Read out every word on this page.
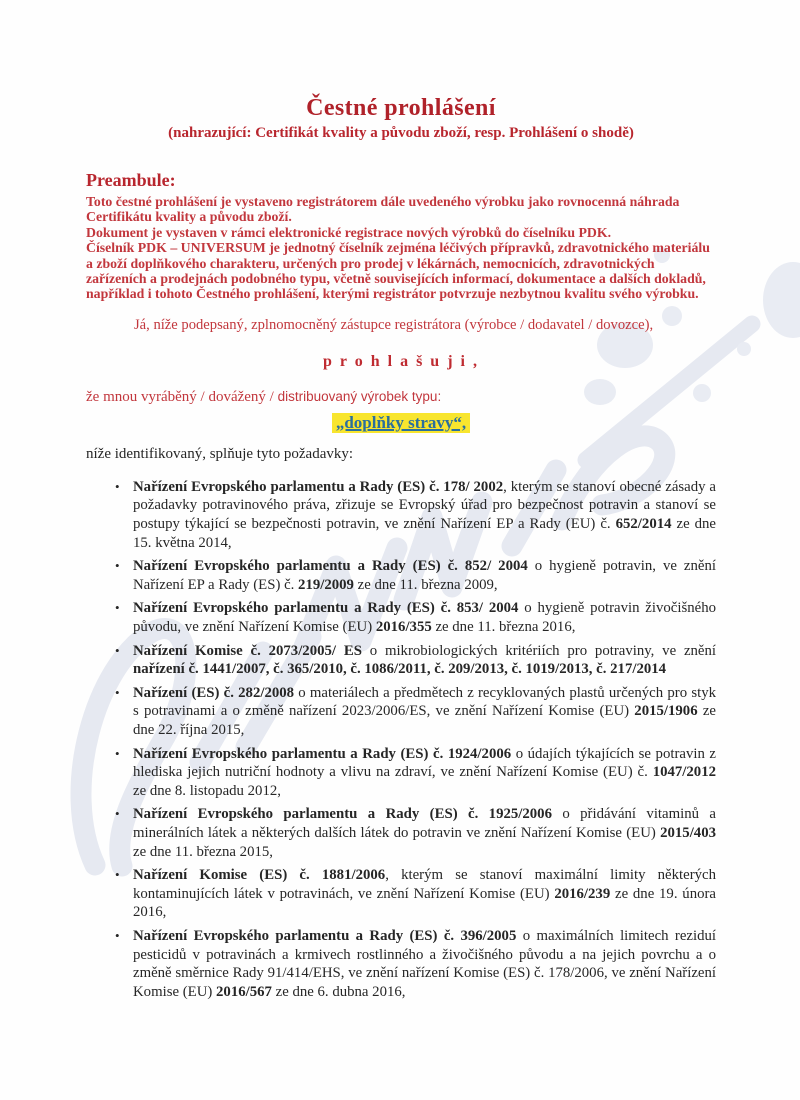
Čestné prohlášení
(nahrazující: Certifikát kvality a původu zboží, resp. Prohlášení o shodě)
Preambule:
Toto čestné prohlášení je vystaveno registrátorem dále uvedeného výrobku jako rovnocenná náhrada
Certifikátu kvality a původu zboží.
Dokument je vystaven v rámci elektronické registrace nových výrobků do číselníku PDK.
Číselník PDK – UNIVERSUM je jednotný číselník zejména léčivých přípravků, zdravotnického materiálu
a zboží doplňkového charakteru, určených pro prodej v lékárnách, nemocnicích, zdravotnických
zařízeních a prodejnách podobného typu, včetně souvisejících informací, dokumentace a dalších dokladů,
například i tohoto Čestného prohlášení, kterými registrátor potvrzuje nezbytnou kvalitu svého výrobku.
Já, níže podepsaný, zplnomocněný zástupce registrátora (výrobce / dodavatel / dovozce),
p r o h l a š u j i ,
že mnou vyráběný / dovážený / distribuovaný výrobek typu:
„doplňky stravy“,
níže identifikovaný, splňuje tyto požadavky:
• Nařízení Evropského parlamentu a Rady (ES) č. 178/ 2002, kterým se stanoví obecné zásady a požadavky potravinového práva, zřizuje se Evropský úřad pro bezpečnost potravin a stanoví se postupy týkající se bezpečnosti potravin, ve znění Nařízení EP a Rady (EU) č. 652/2014 ze dne 15. května 2014,
• Nařízení Evropského parlamentu a Rady (ES) č. 852/ 2004 o hygieně potravin, ve znění Nařízení EP a Rady (ES) č. 219/2009 ze dne 11. března 2009,
• Nařízení Evropského parlamentu a Rady (ES) č. 853/ 2004 o hygieně potravin živočišného původu, ve znění Nařízení Komise (EU) 2016/355 ze dne 11. března 2016,
• Nařízení Komise č. 2073/2005/ ES o mikrobiologických kritériích pro potraviny, ve znění nařízení č. 1441/2007, č. 365/2010, č. 1086/2011, č. 209/2013, č. 1019/2013, č. 217/2014
• Nařízení (ES) č. 282/2008 o materiálech a předmětech z recyklovaných plastů určených pro styk s potravinami a o změně nařízení 2023/2006/ES, ve znění Nařízení Komise (EU) 2015/1906 ze dne 22. října 2015,
• Nařízení Evropského parlamentu a Rady (ES) č. 1924/2006 o údajích týkajících se potravin z hlediska jejich nutriční hodnoty a vlivu na zdraví, ve znění Nařízení Komise (EU) č. 1047/2012 ze dne 8. listopadu 2012,
• Nařízení Evropského parlamentu a Rady (ES) č. 1925/2006 o přidávání vitaminů a minerálních látek a některých dalších látek do potravin ve znění Nařízení Komise (EU) 2015/403 ze dne 11. března 2015,
• Nařízení Komise (ES) č. 1881/2006, kterým se stanoví maximální limity některých kontaminujících látek v potravinách, ve znění Nařízení Komise (EU) 2016/239 ze dne 19. února 2016,
• Nařízení Evropského parlamentu a Rady (ES) č. 396/2005 o maximálních limitech reziduí pesticidů v potravinách a krmivech rostlinného a živočišného původu a na jejich povrchu a o změně směrnice Rady 91/414/EHS, ve znění nařízení Komise (ES) č. 178/2006, ve znění Nařízení Komise (EU) 2016/567 ze dne 6. dubna 2016,
